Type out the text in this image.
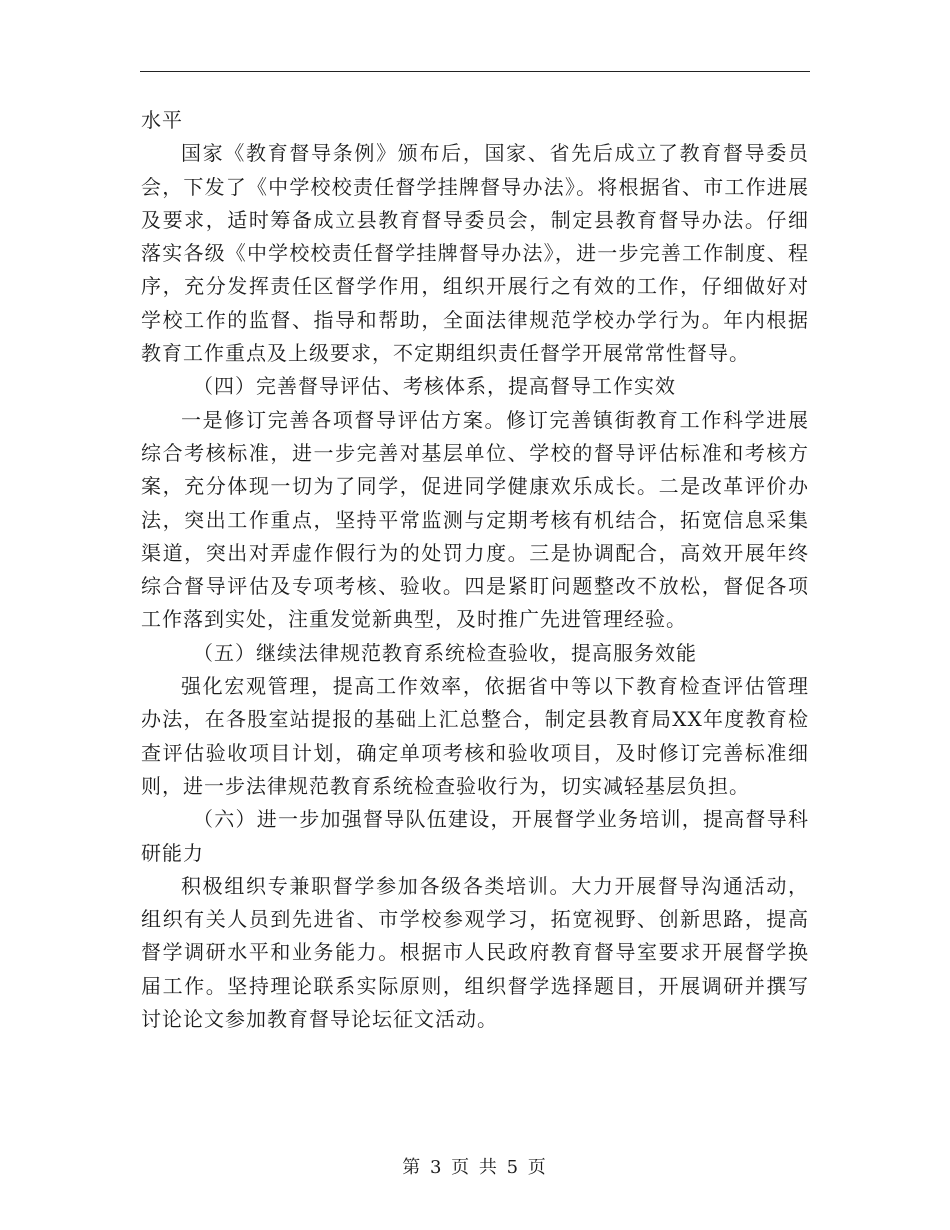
水平

国家《教育督导条例》颁布后，国家、省先后成立了教育督导委员会，下发了《中学校校责任督学挂牌督导办法》。将根据省、市工作进展及要求，适时筹备成立县教育督导委员会，制定县教育督导办法。仔细落实各级《中学校校责任督学挂牌督导办法》，进一步完善工作制度、程序，充分发挥责任区督学作用，组织开展行之有效的工作，仔细做好对学校工作的监督、指导和帮助，全面法律规范学校办学行为。年内根据教育工作重点及上级要求，不定期组织责任督学开展常常性督导。

（四）完善督导评估、考核体系，提高督导工作实效

一是修订完善各项督导评估方案。修订完善镇街教育工作科学进展综合考核标准，进一步完善对基层单位、学校的督导评估标准和考核方案，充分体现一切为了同学，促进同学健康欢乐成长。二是改革评价办法，突出工作重点，坚持平常监测与定期考核有机结合，拓宽信息采集渠道，突出对弄虚作假行为的处罚力度。三是协调配合，高效开展年终综合督导评估及专项考核、验收。四是紧盯问题整改不放松，督促各项工作落到实处，注重发觉新典型，及时推广先进管理经验。

（五）继续法律规范教育系统检查验收，提高服务效能

强化宏观管理，提高工作效率，依据省中等以下教育检查评估管理办法，在各股室站提报的基础上汇总整合，制定县教育局XX年度教育检查评估验收项目计划，确定单项考核和验收项目，及时修订完善标准细则，进一步法律规范教育系统检查验收行为，切实减轻基层负担。

（六）进一步加强督导队伍建设，开展督学业务培训，提高督导科研能力

积极组织专兼职督学参加各级各类培训。大力开展督导沟通活动，组织有关人员到先进省、市学校参观学习，拓宽视野、创新思路，提高督学调研水平和业务能力。根据市人民政府教育督导室要求开展督学换届工作。坚持理论联系实际原则，组织督学选择题目，开展调研并撰写讨论论文参加教育督导论坛征文活动。

第 3 页 共 5 页
